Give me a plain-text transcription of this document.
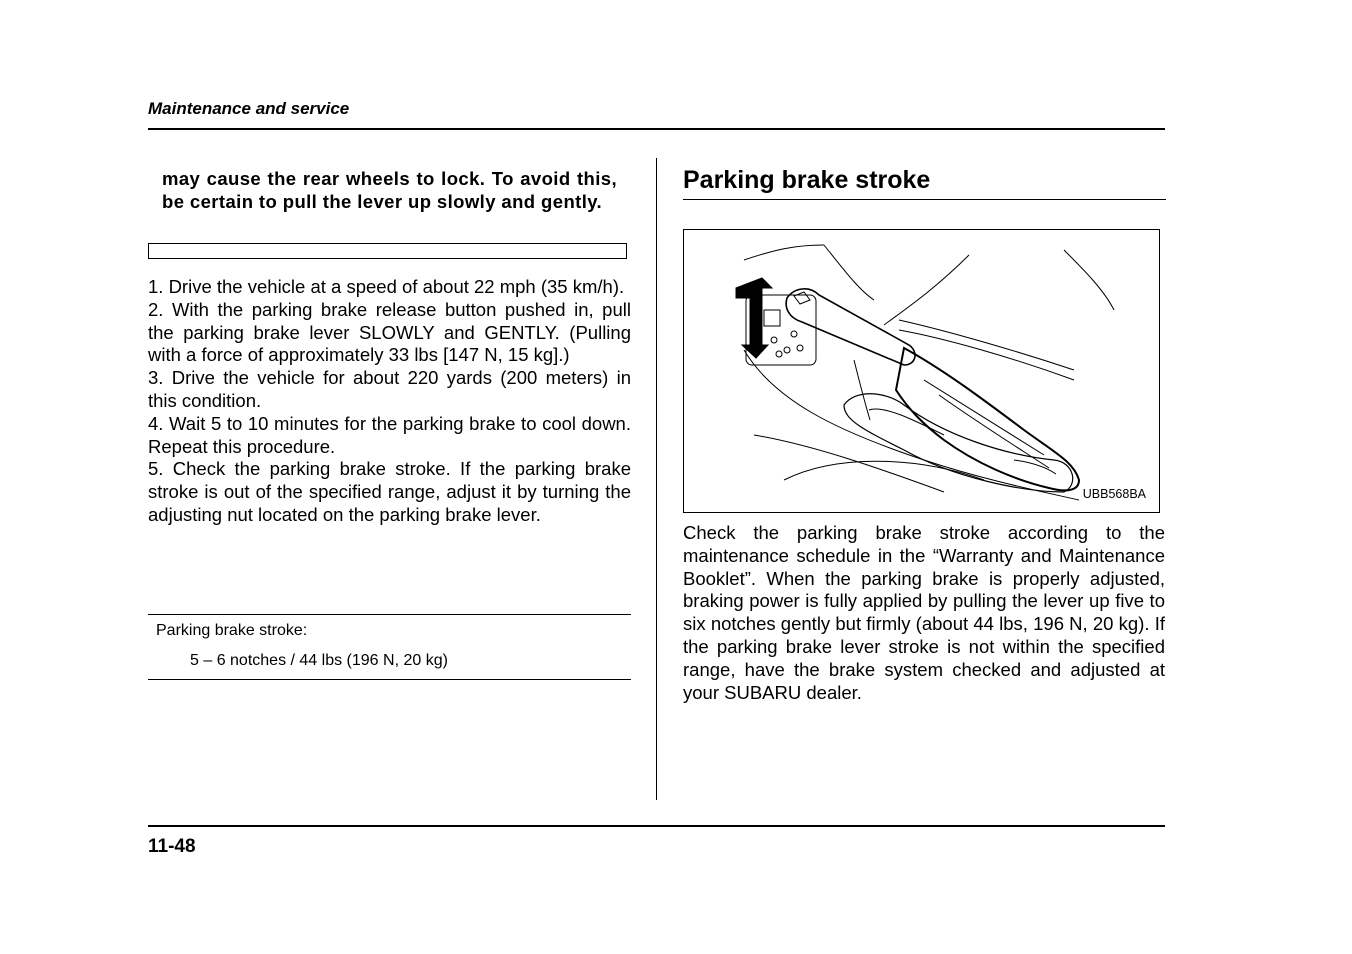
Maintenance and service
may cause the rear wheels to lock. To avoid this, be certain to pull the lever up slowly and gently.

1. Drive the vehicle at a speed of about 22 mph (35 km/h).

2. With the parking brake release button pushed in, pull the parking brake lever SLOWLY and GENTLY. (Pulling with a force of approximately 33 lbs [147 N, 15 kg].)

3. Drive the vehicle for about 220 yards (200 meters) in this condition.

4. Wait 5 to 10 minutes for the parking brake to cool down. Repeat this procedure.

5. Check the parking brake stroke. If the parking brake stroke is out of the specified range, adjust it by turning the adjusting nut located on the parking brake lever.

Parking brake stroke:
5 – 6 notches / 44 lbs (196 N, 20 kg)
Parking brake stroke
UBB568BA

Check the parking brake stroke according to the maintenance schedule in the “Warranty and Maintenance Booklet”. When the parking brake is properly adjusted, braking power is fully applied by pulling the lever up five to six notches gently but firmly (about 44 lbs, 196 N, 20 kg). If the parking brake lever stroke is not within the specified range, have the brake system checked and adjusted at your SUBARU dealer.

11-48
